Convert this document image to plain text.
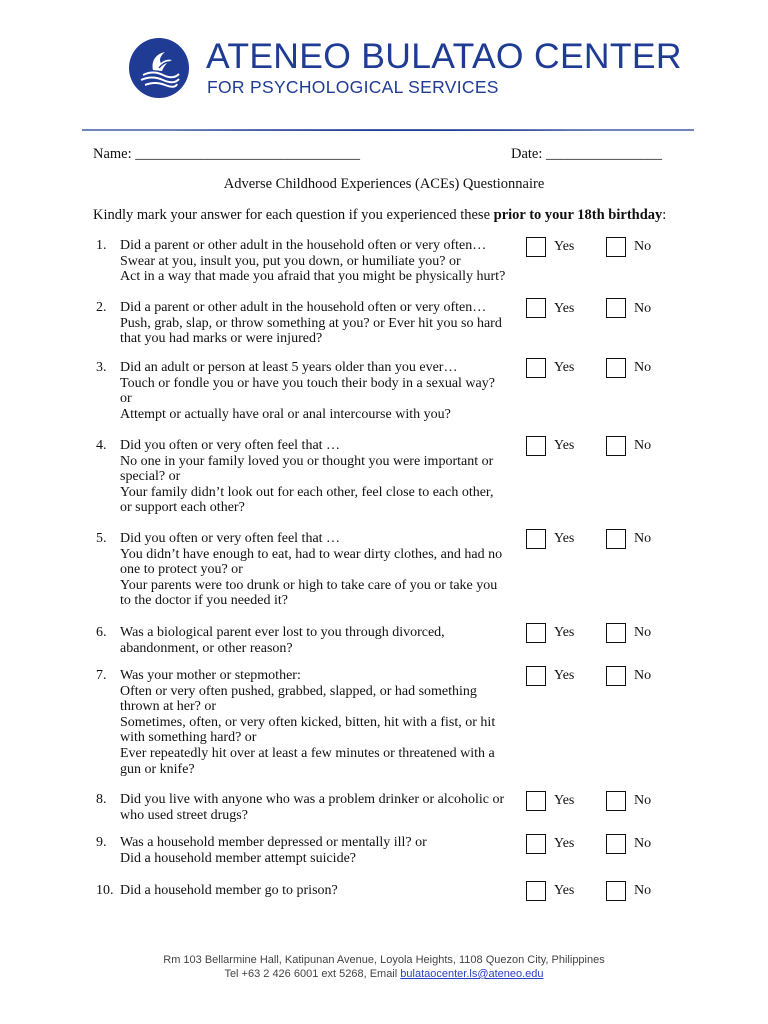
ATENEO BULATAO CENTER
FOR PSYCHOLOGICAL SERVICES
Name: _______________________________	Date: ________________
Adverse Childhood Experiences (ACEs) Questionnaire
Kindly mark your answer for each question if you experienced these prior to your 18th birthday:
1. Did a parent or other adult in the household often or very often…
Swear at you, insult you, put you down, or humiliate you? or
Act in a way that made you afraid that you might be physically hurt?
Yes	No
2. Did a parent or other adult in the household often or very often…
Push, grab, slap, or throw something at you? or Ever hit you so hard
that you had marks or were injured?
Yes	No
3. Did an adult or person at least 5 years older than you ever…
Touch or fondle you or have you touch their body in a sexual way?
or
Attempt or actually have oral or anal intercourse with you?
Yes	No
4. Did you often or very often feel that …
No one in your family loved you or thought you were important or
special? or
Your family didn’t look out for each other, feel close to each other,
or support each other?
Yes	No
5. Did you often or very often feel that …
You didn’t have enough to eat, had to wear dirty clothes, and had no
one to protect you? or
Your parents were too drunk or high to take care of you or take you
to the doctor if you needed it?
Yes	No
6. Was a biological parent ever lost to you through divorced,
abandonment, or other reason?
Yes	No
7. Was your mother or stepmother:
Often or very often pushed, grabbed, slapped, or had something
thrown at her? or
Sometimes, often, or very often kicked, bitten, hit with a fist, or hit
with something hard? or
Ever repeatedly hit over at least a few minutes or threatened with a
gun or knife?
Yes	No
8. Did you live with anyone who was a problem drinker or alcoholic or
who used street drugs?
Yes	No
9. Was a household member depressed or mentally ill? or
Did a household member attempt suicide?
Yes	No
10. Did a household member go to prison?	Yes	No
Rm 103 Bellarmine Hall, Katipunan Avenue, Loyola Heights, 1108 Quezon City, Philippines
Tel +63 2 426 6001 ext 5268, Email bulataocenter.ls@ateneo.edu
